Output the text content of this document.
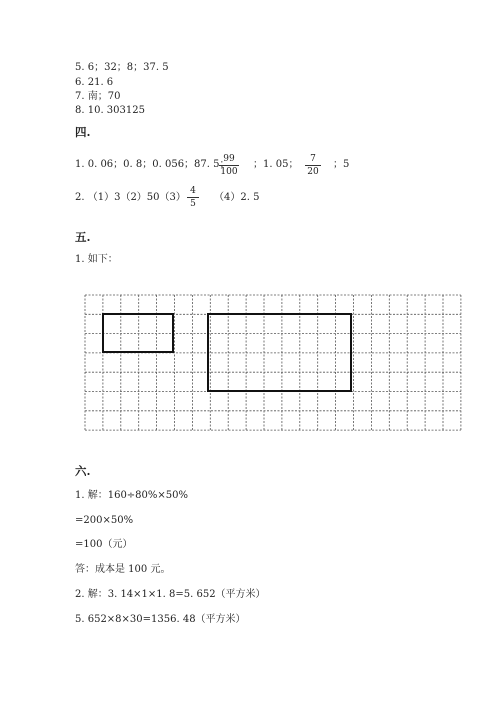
5. 6；32；8；37. 5
6. 21. 6
7. 南；70
8. 10. 303125
四.
1. 0. 06；0. 8；0. 056；87. 5；
99
100
；1. 05；	7
20
；5
2. （1）3（2）50（3）
4
5
（4）2. 5
五.
1. 如下：
六.
1. 解：160÷80%×50%
=200×50%
=100（元）
答：成本是 100 元。
2. 解：3. 14×1×1. 8=5. 652（平方米）
5. 652×8×30=1356. 48（平方米）
